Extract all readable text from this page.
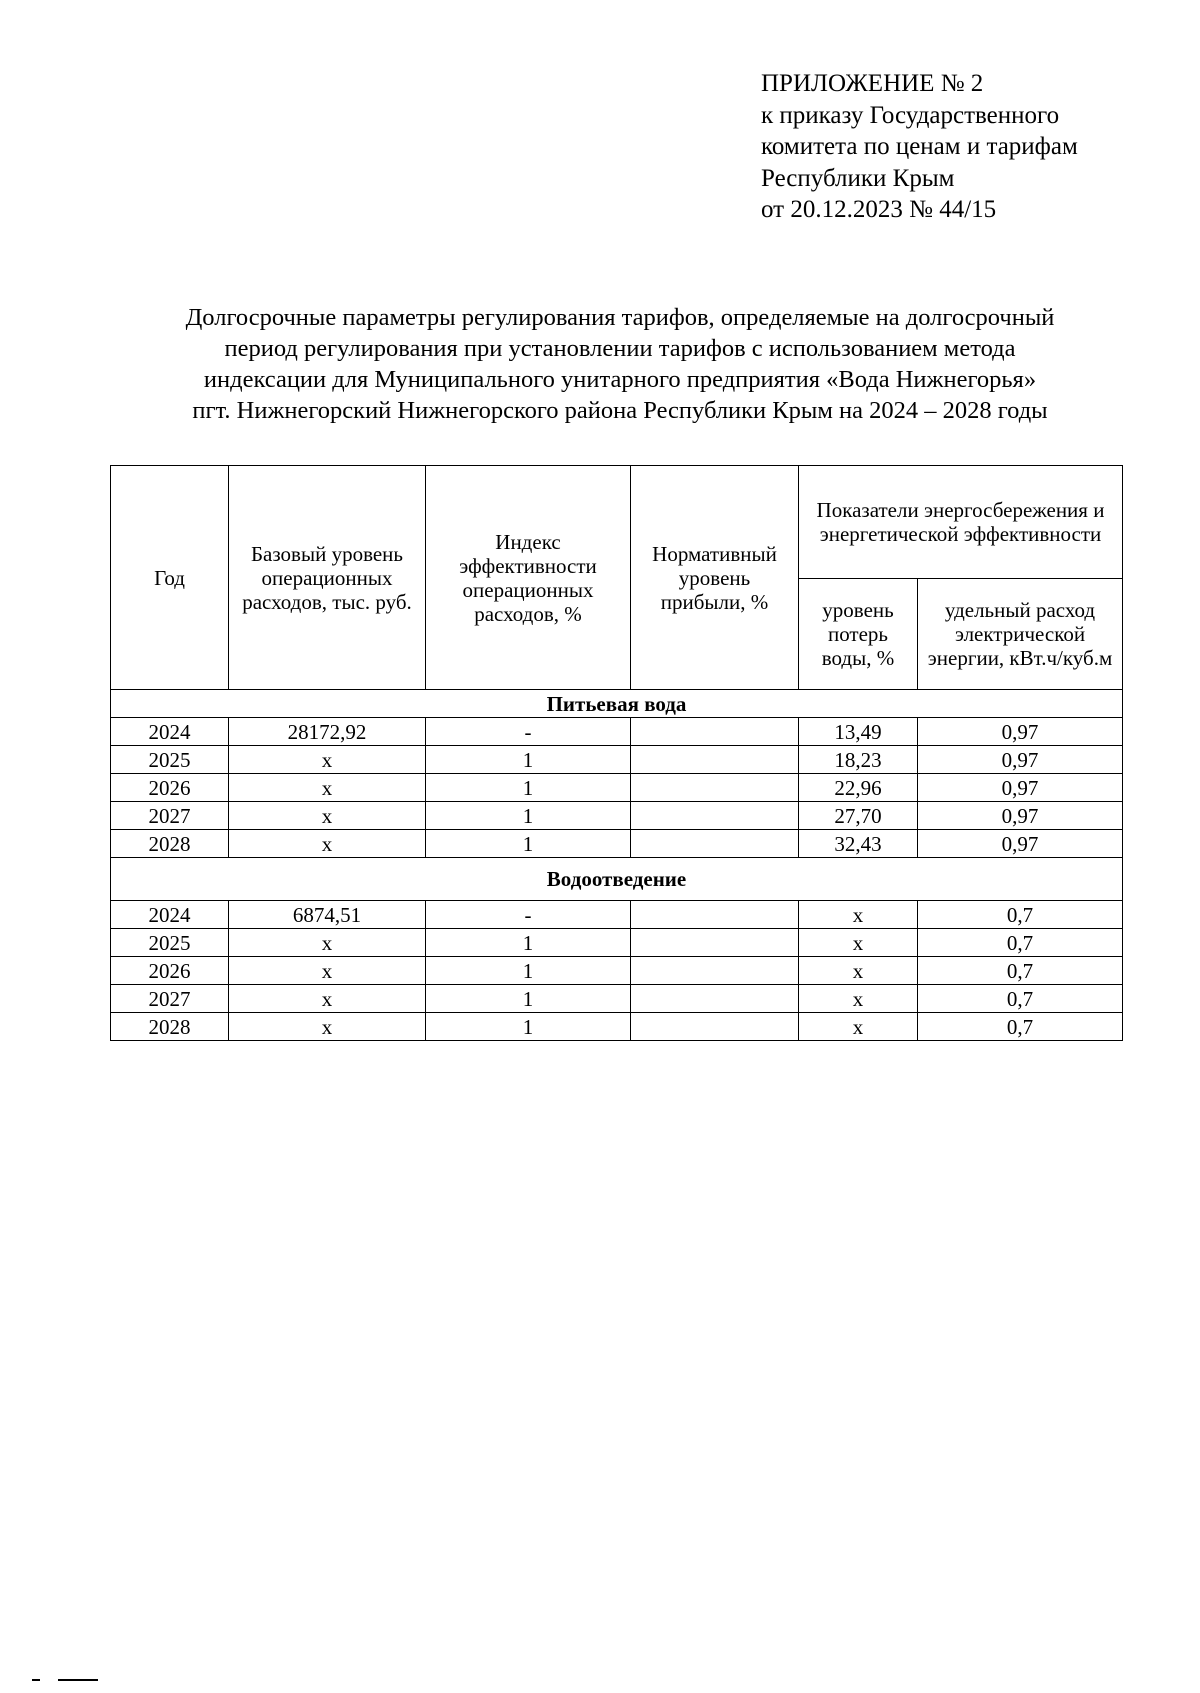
ПРИЛОЖЕНИЕ № 2
к приказу Государственного
комитета по ценам и тарифам
Республики Крым
от 20.12.2023 № 44/15
Долгосрочные параметры регулирования тарифов, определяемые на долгосрочный
период регулирования при установлении тарифов с использованием метода
индексации для Муниципального унитарного предприятия «Вода Нижнегорья»
пгт. Нижнегорский Нижнегорского района Республики Крым на 2024 – 2028 годы
Год	Базовый уровень операционных расходов, тыс. руб.	Индекс эффективности операционных расходов, %	Нормативный уровень прибыли, %	Показатели энергосбережения и энергетической эффективности	
				уровень потерь воды, %	удельный расход электрической энергии, кВт.ч/куб.м
Питьевая вода					
2024	28172,92	-		13,49	0,97
2025	х	1		18,23	0,97
2026	х	1		22,96	0,97
2027	х	1		27,70	0,97
2028	х	1		32,43	0,97
Водоотведение					
2024	6874,51	-		х	0,7
2025	х	1		х	0,7
2026	х	1		х	0,7
2027	х	1		х	0,7
2028	х	1		х	0,7
